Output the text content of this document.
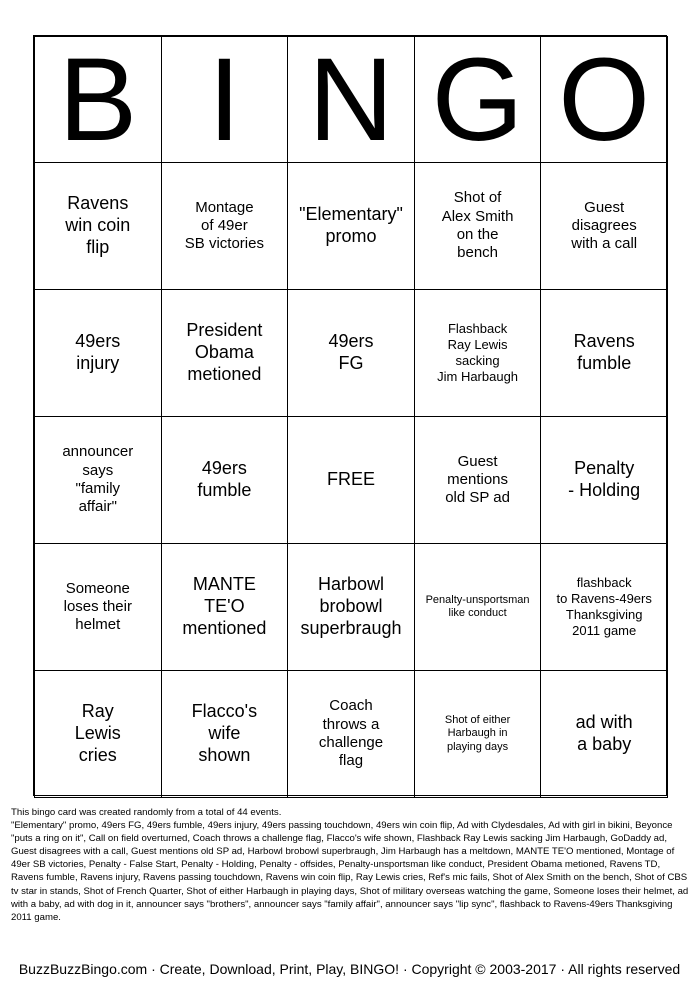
B	I	N	G	O

Ravens
win coin
flip	Montage
of 49er
SB victories	"Elementary"
promo	Shot of
Alex Smith
on the
bench	Guest
disagrees
with a call

49ers
injury	President
Obama
metioned	49ers
FG	Flashback
Ray Lewis
sacking
Jim Harbaugh	Ravens
fumble

announcer
says
"family
affair"	49ers
fumble	FREE	Guest
mentions
old SP ad	Penalty
- Holding

Someone
loses their
helmet	MANTE
TE'O
mentioned	Harbowl
brobowl
superbraugh	Penalty-unsportsman
like conduct	flashback
to Ravens-49ers
Thanksgiving
2011 game

Ray
Lewis
cries	Flacco's
wife
shown	Coach
throws a
challenge
flag	Shot of either
Harbaugh in
playing days	ad with
a baby

This bingo card was created randomly from a total of 44 events.

"Elementary" promo, 49ers FG, 49ers fumble, 49ers injury, 49ers passing touchdown, 49ers win coin flip, Ad with Clydesdales, Ad with girl in bikini, Beyonce "puts a ring on it", Call on field overturned, Coach throws a challenge flag, Flacco's wife shown, Flashback Ray Lewis sacking Jim Harbaugh, GoDaddy ad, Guest disagrees with a call, Guest mentions old SP ad, Harbowl brobowl superbraugh, Jim Harbaugh has a meltdown, MANTE TE'O mentioned, Montage of 49er SB victories, Penalty - False Start, Penalty - Holding, Penalty - offsides, Penalty-unsportsman like conduct, President Obama metioned, Ravens TD, Ravens fumble, Ravens injury, Ravens passing touchdown, Ravens win coin flip, Ray Lewis cries, Ref's mic fails, Shot of Alex Smith on the bench, Shot of CBS tv star in stands, Shot of French Quarter, Shot of either Harbaugh in playing days, Shot of military overseas watching the game, Someone loses their helmet, ad with a baby, ad with dog in it, announcer says "brothers", announcer says "family affair", announcer says "lip sync", flashback to Ravens-49ers Thanksgiving 2011 game.

BuzzBuzzBingo.com · Create, Download, Print, Play, BINGO! · Copyright © 2003-2017 · All rights reserved
